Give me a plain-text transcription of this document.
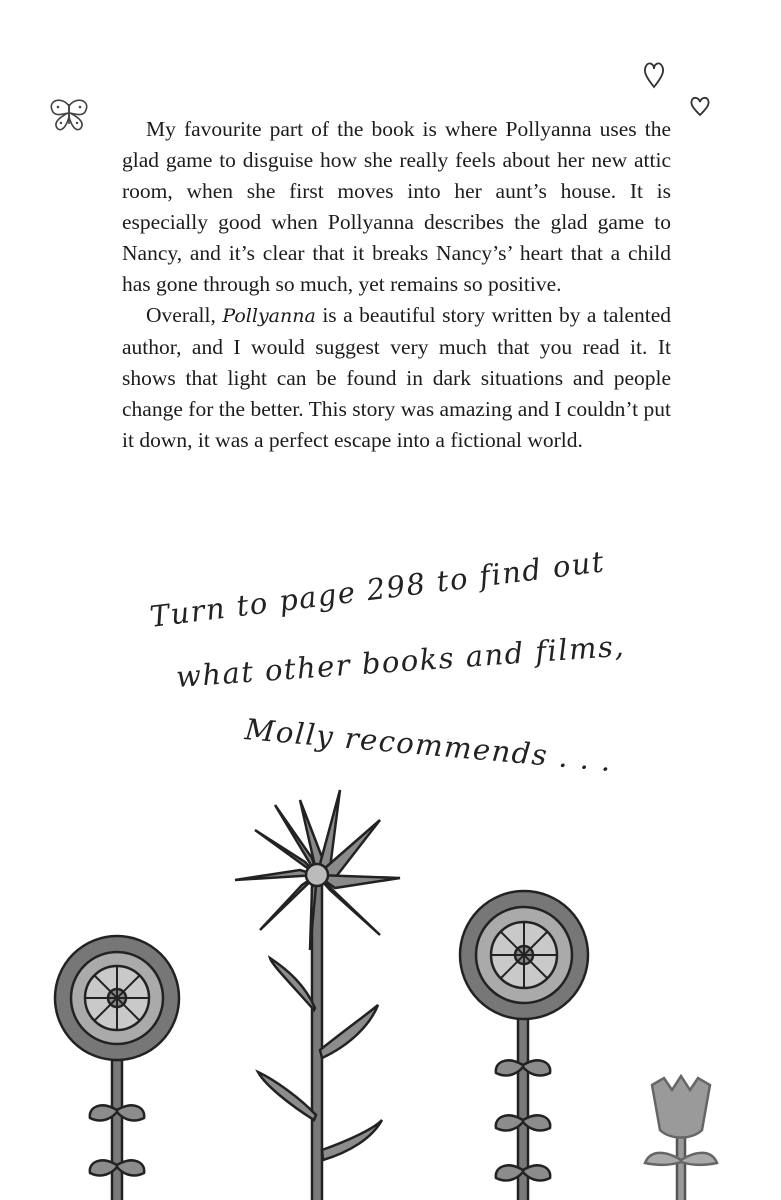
My favourite part of the book is where Pollyanna uses the glad game to disguise how she really feels about her new attic room, when she first moves into her aunt’s house. It is especially good when Pollyanna describes the glad game to Nancy, and it’s clear that it breaks Nancy’s’ heart that a child has gone through so much, yet remains so positive.

Overall, Pollyanna is a beautiful story written by a talented author, and I would suggest very much that you read it. It shows that light can be found in dark situations and people change for the better. This story was amazing and I couldn’t put it down, it was a perfect escape into a fictional world.

Turn to page 298 to find out
what other books and films,
Molly recommends . . .
